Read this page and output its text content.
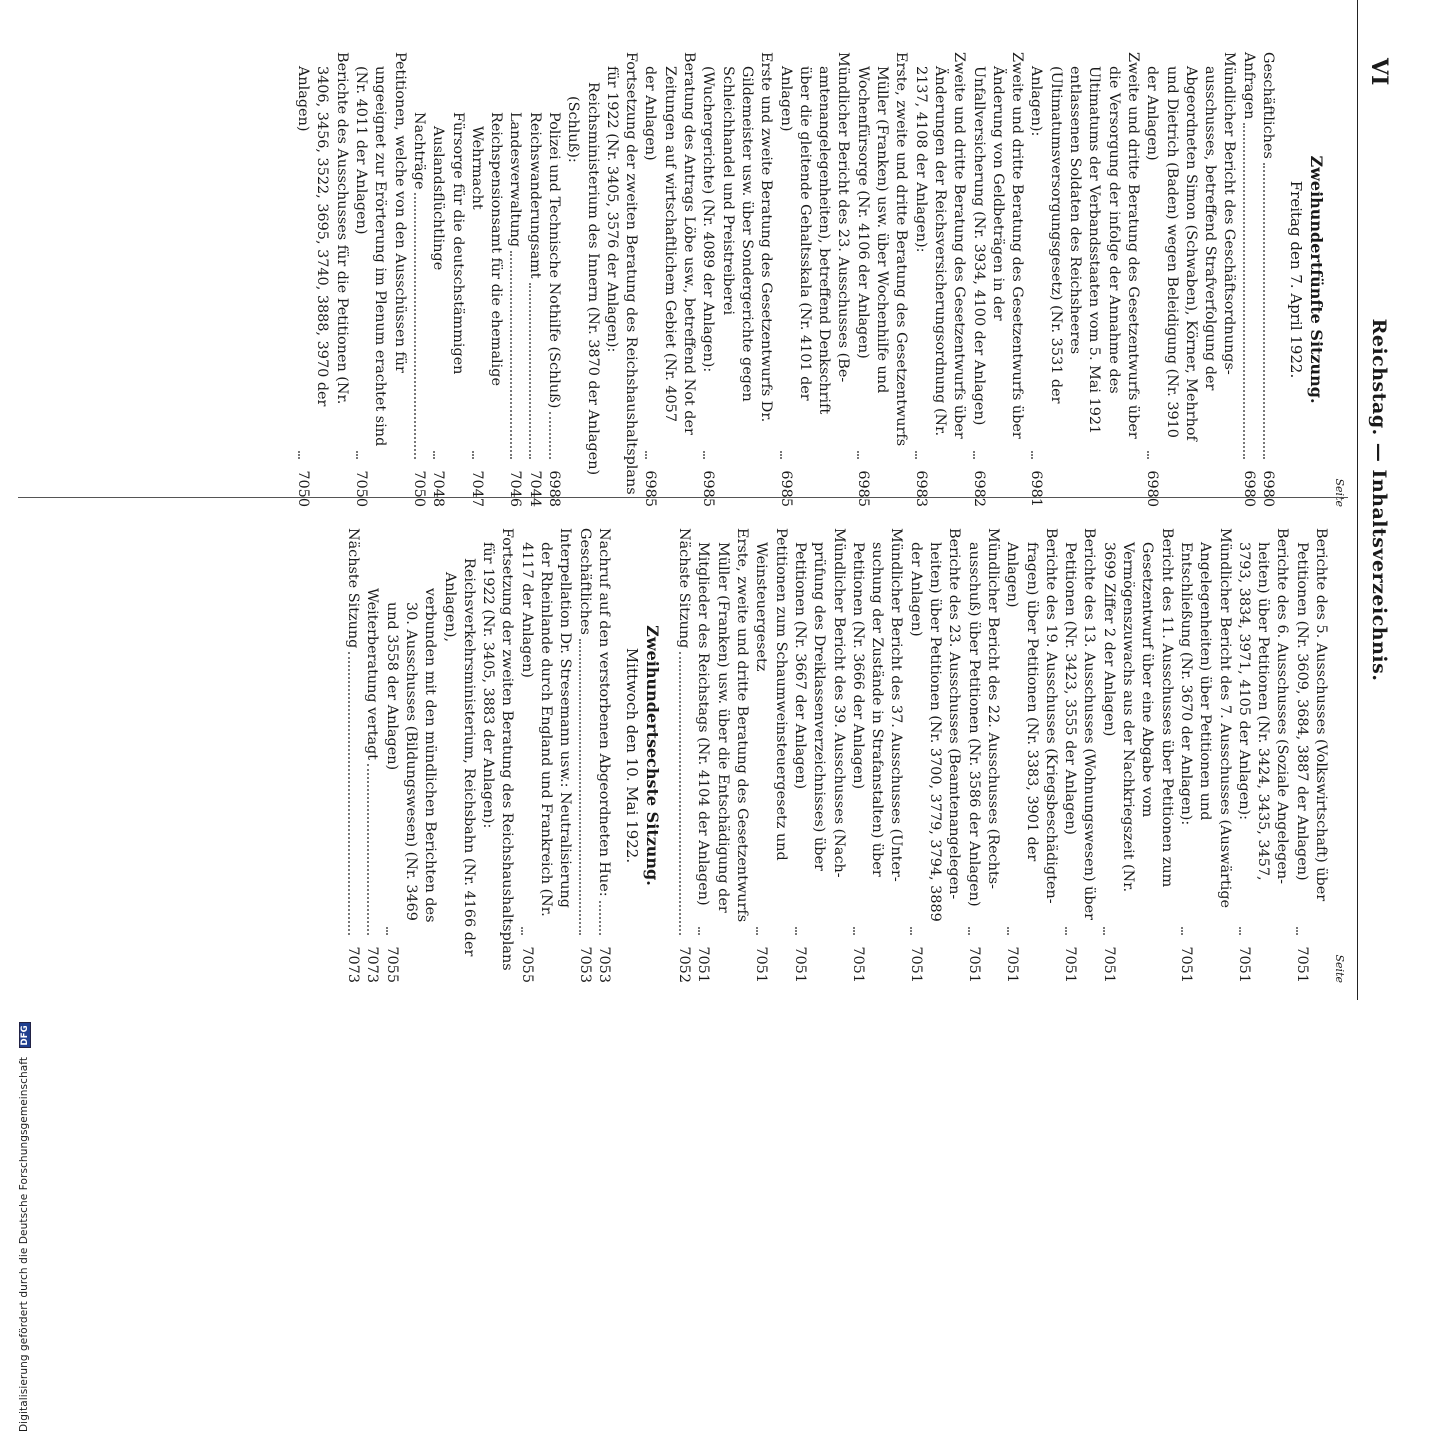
VI
Reichstag. — Inhaltsverzeichnis.
Seite
Zweihundertfünfte Sitzung.
Freitag den 7. April 1922.
Geschäftliches
6980
Anfragen
6980
Mündlicher Bericht des Geschäftsordnungsausschusses, betreffend Strafverfolgung der Abgeordneten Simon (Schwaben), Körner, Mehrhof und Dietrich (Baden) wegen Beleidigung (Nr. 3910 der Anlagen)
6980
Zweite und dritte Beratung des Gesetzentwurfs über die Versorgung der infolge der Annahme des Ultimatums der Verbandsstaaten vom 5. Mai 1921 entlassenen Soldaten des Reichsheeres (Ultimatumsversorgungsgesetz) (Nr. 3531 der Anlagen):
6981
Zweite und dritte Beratung des Gesetzentwurfs über Änderung von Geldbeträgen in der Unfallversicherung (Nr. 3934, 4100 der Anlagen)
6982
Zweite und dritte Beratung des Gesetzentwurfs über Änderungen der Reichsversicherungsordnung (Nr. 2137, 4108 der Anlagen):
6983
Erste, zweite und dritte Beratung des Gesetzentwurfs Müller (Franken) usw. über Wochenhilfe und Wochenfürsorge (Nr. 4106 der Anlagen)
6985
Mündlicher Bericht des 23. Ausschusses (Beamtenangelegenheiten), betreffend Denkschrift über die gleitende Gehaltsskala (Nr. 4101 der Anlagen)
6985
Erste und zweite Beratung des Gesetzentwurfs Dr. Gildemeister usw. über Sondergerichte gegen Schleichhandel und Preistreiberei (Wuchergerichte) (Nr. 4089 der Anlagen):
6985
Beratung des Antrags Löbe usw., betreffend Not der Zeitungen auf wirtschaftlichem Gebiet (Nr. 4057 der Anlagen)
6985
Fortsetzung der zweiten Beratung des Reichshaushaltsplans für 1922 (Nr. 3405, 3576 der Anlagen):
Reichsministerium des Innern (Nr. 3870 der Anlagen) (Schluß):
Polizei und Technische Nothilfe (Schluß)
6988
Reichswanderungsamt
7044
Landesverwaltung
7046
Reichspensionsamt für die ehemalige Wehrmacht
7047
Fürsorge für die deutschstämmigen Auslandsflüchtlinge
7048
Nachträge
7050
Petitionen, welche von den Ausschüssen für ungeeignet zur Erörterung im Plenum erachtet sind (Nr. 4011 der Anlagen)
7050
Berichte des Ausschusses für die Petitionen (Nr. 3406, 3456, 3522, 3695, 3740, 3888, 3970 der Anlagen)
7050
Seite
Berichte des 5. Ausschusses (Volkswirtschaft) über Petitionen (Nr. 3609, 3684, 3887 der Anlagen)
7051
Berichte des 6. Ausschusses (Soziale Angelegenheiten) über Petitionen (Nr. 3424, 3435, 3457, 3793, 3834, 3971, 4105 der Anlagen):
7051
Mündlicher Bericht des 7. Ausschusses (Auswärtige Angelegenheiten) über Petitionen und Entschließung (Nr. 3670 der Anlagen):
7051
Bericht des 11. Ausschusses über Petitionen zum Gesetzentwurf über eine Abgabe vom Vermögenszuwachs aus der Nachkriegszeit (Nr. 3699 Ziffer 2 der Anlagen)
7051
Berichte des 13. Ausschusses (Wohnungswesen) über Petitionen (Nr. 3423, 3555 der Anlagen)
7051
Berichte des 19. Ausschusses (Kriegsbeschädigtenfragen) über Petitionen (Nr. 3383, 3901 der Anlagen)
7051
Mündlicher Bericht des 22. Ausschusses (Rechtsausschuß) über Petitionen (Nr. 3586 der Anlagen)
7051
Berichte des 23. Ausschusses (Beamtenangelegenheiten) über Petitionen (Nr. 3700, 3779, 3794, 3889 der Anlagen)
7051
Mündlicher Bericht des 37. Ausschusses (Untersuchung der Zustände in Strafanstalten) über Petitionen (Nr. 3666 der Anlagen)
7051
Mündlicher Bericht des 39. Ausschusses (Nachprüfung des Dreiklassenverzeichnisses) über Petitionen (Nr. 3667 der Anlagen)
7051
Petitionen zum Schaumweinsteuergesetz und Weinsteuergesetz
7051
Erste, zweite und dritte Beratung des Gesetzentwurfs Müller (Franken) usw. über die Entschädigung der Mitglieder des Reichstags (Nr. 4104 der Anlagen)
7051
Nächste Sitzung
7052
Zweihundertsechste Sitzung.
Mittwoch den 10. Mai 1922.
Nachruf auf den verstorbenen Abgeordneten Hue:
7053
Geschäftliches
7053
Interpellation Dr. Stresemann usw.: Neutralisierung der Rheinlande durch England und Frankreich (Nr. 4117 der Anlagen)
7055
Fortsetzung der zweiten Beratung des Reichshaushaltsplans für 1922 (Nr. 3405, 3883 der Anlagen):
Reichsverkehrsministerium, Reichsbahn (Nr. 4166 der Anlagen),
verbunden mit den mündlichen Berichten des 30. Ausschusses (Bildungswesen) (Nr. 3469 und 3558 der Anlagen)
7055
Weiterberatung vertagt
7073
Nächste Sitzung
7073
Digitalisierung gefördert durch die Deutsche Forschungsgemeinschaft DFG
